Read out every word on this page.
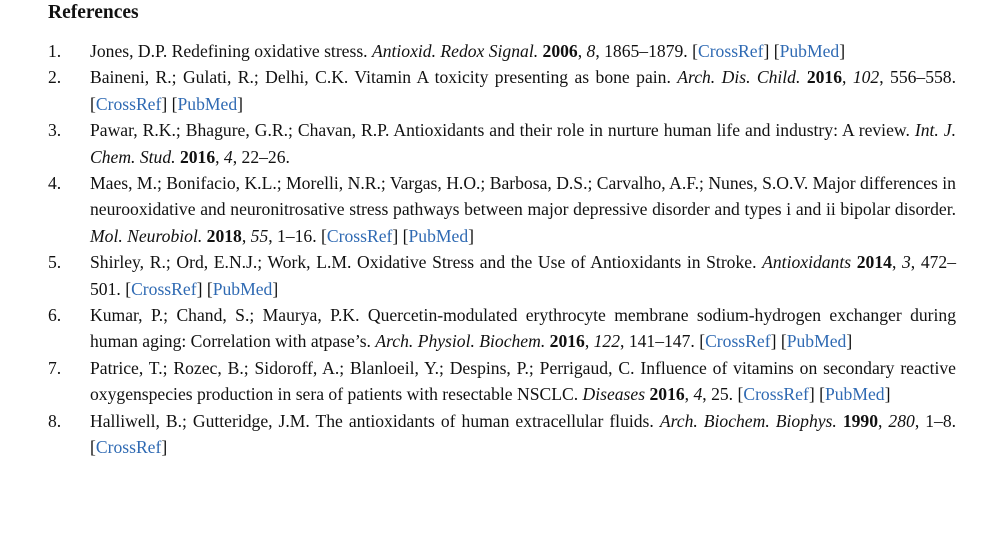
References
1. Jones, D.P. Redefining oxidative stress. Antioxid. Redox Signal. 2006, 8, 1865–1879. [CrossRef] [PubMed]
2. Baineni, R.; Gulati, R.; Delhi, C.K. Vitamin A toxicity presenting as bone pain. Arch. Dis. Child. 2016, 102, 556–558. [CrossRef] [PubMed]
3. Pawar, R.K.; Bhagure, G.R.; Chavan, R.P. Antioxidants and their role in nurture human life and industry: A review. Int. J. Chem. Stud. 2016, 4, 22–26.
4. Maes, M.; Bonifacio, K.L.; Morelli, N.R.; Vargas, H.O.; Barbosa, D.S.; Carvalho, A.F.; Nunes, S.O.V. Major differences in neurooxidative and neuronitrosative stress pathways between major depressive disorder and types i and ii bipolar disorder. Mol. Neurobiol. 2018, 55, 1–16. [CrossRef] [PubMed]
5. Shirley, R.; Ord, E.N.J.; Work, L.M. Oxidative Stress and the Use of Antioxidants in Stroke. Antioxidants 2014, 3, 472–501. [CrossRef] [PubMed]
6. Kumar, P.; Chand, S.; Maurya, P.K. Quercetin-modulated erythrocyte membrane sodium-hydrogen exchanger during human aging: Correlation with atpase’s. Arch. Physiol. Biochem. 2016, 122, 141–147. [CrossRef] [PubMed]
7. Patrice, T.; Rozec, B.; Sidoroff, A.; Blanloeil, Y.; Despins, P.; Perrigaud, C. Influence of vitamins on secondary reactive oxygenspecies production in sera of patients with resectable NSCLC. Diseases 2016, 4, 25. [CrossRef] [PubMed]
8. Halliwell, B.; Gutteridge, J.M. The antioxidants of human extracellular fluids. Arch. Biochem. Biophys. 1990, 280, 1–8. [CrossRef]
